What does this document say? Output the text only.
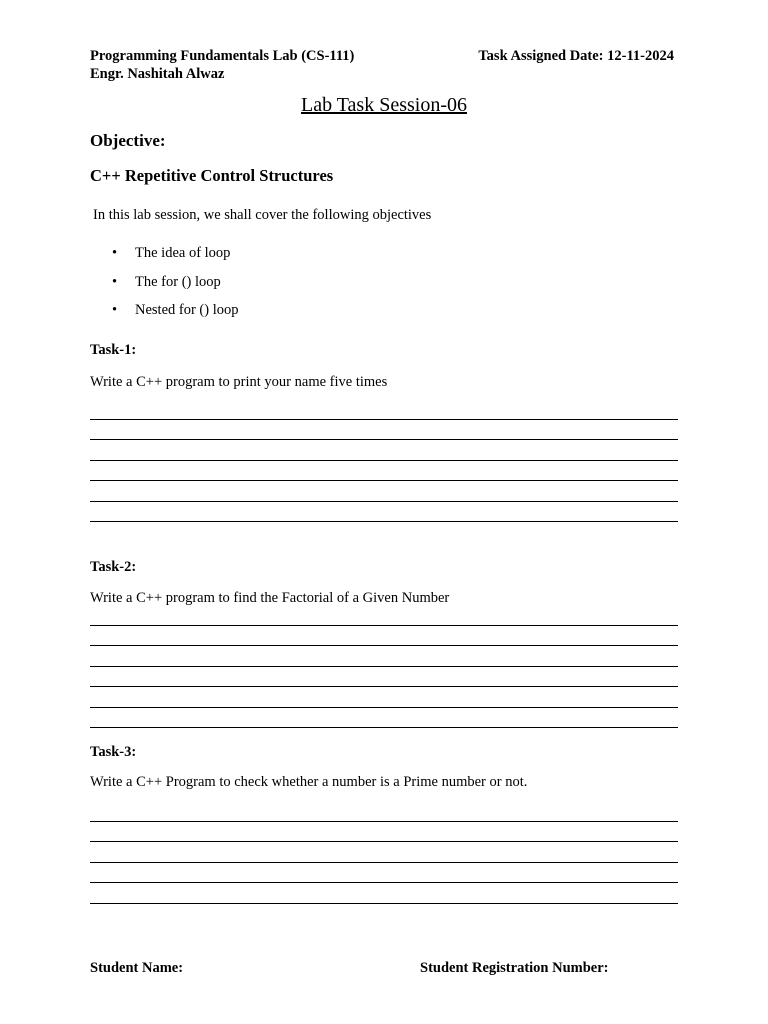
Programming Fundamentals Lab (CS-111)
Engr. Nashitah Alwaz
Task Assigned Date: 12-11-2024
Lab Task Session-06
Objective:
C++ Repetitive Control Structures
In this lab session, we shall cover the following objectives
• The idea of loop
• The for () loop
• Nested for () loop
Task-1:
Write a C++ program to print your name five times
Task-2:
Write a C++ program to find the Factorial of a Given Number
Task-3:
Write a C++ Program to check whether a number is a Prime number or not.
Student Name:	Student Registration Number:
